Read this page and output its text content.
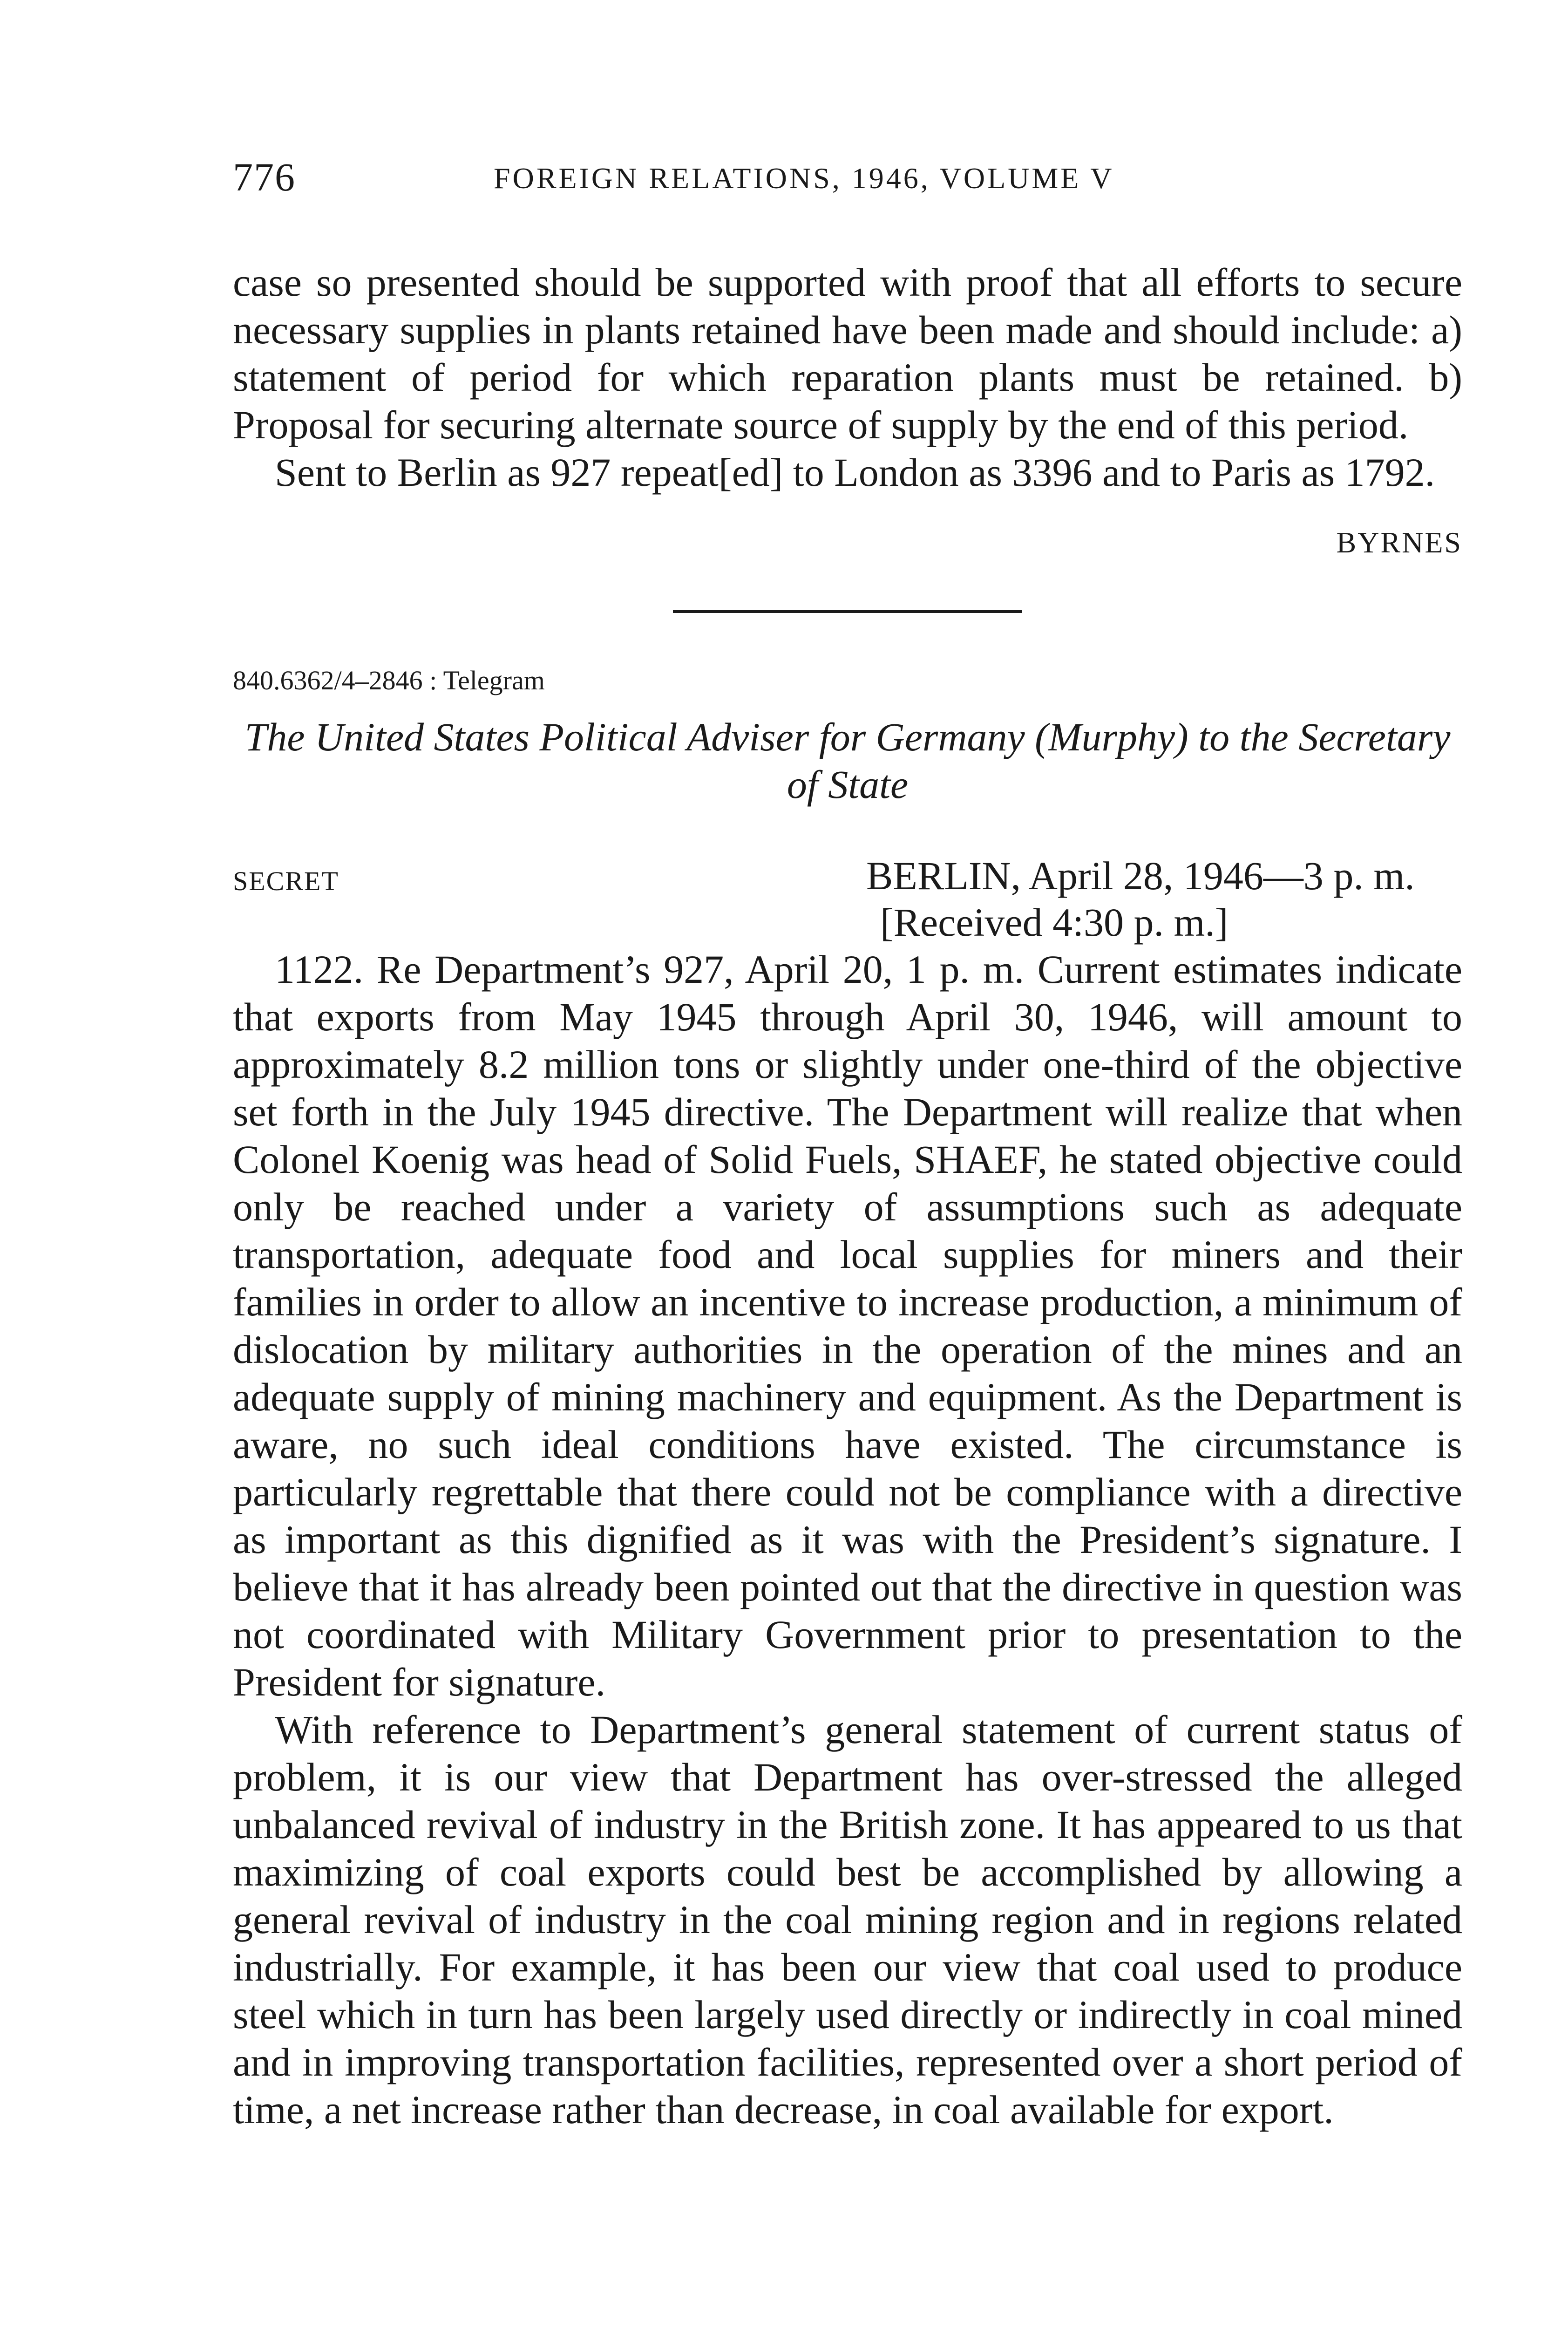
776	FOREIGN RELATIONS, 1946, VOLUME V

case so presented should be supported with proof that all efforts to secure necessary supplies in plants retained have been made and should include: a) statement of period for which reparation plants must be retained. b) Proposal for securing alternate source of supply by the end of this period.

Sent to Berlin as 927 repeat[ed] to London as 3396 and to Paris as 1792.

BYRNES

840.6362/4–2846 : Telegram

The United States Political Adviser for Germany (Murphy) to the Secretary of State

SECRET	BERLIN, April 28, 1946—3 p. m.
[Received 4:30 p. m.]

1122. Re Department’s 927, April 20, 1 p. m. Current estimates indicate that exports from May 1945 through April 30, 1946, will amount to approximately 8.2 million tons or slightly under one-third of the objective set forth in the July 1945 directive. The Department will realize that when Colonel Koenig was head of Solid Fuels, SHAEF, he stated objective could only be reached under a variety of assumptions such as adequate transportation, adequate food and local supplies for miners and their families in order to allow an incentive to increase production, a minimum of dislocation by military authorities in the operation of the mines and an adequate supply of mining machinery and equipment. As the Department is aware, no such ideal conditions have existed. The circumstance is particularly regrettable that there could not be compliance with a directive as important as this dignified as it was with the President’s signature. I believe that it has already been pointed out that the directive in question was not coordinated with Military Government prior to presentation to the President for signature.

With reference to Department’s general statement of current status of problem, it is our view that Department has over-stressed the alleged unbalanced revival of industry in the British zone. It has appeared to us that maximizing of coal exports could best be accomplished by allowing a general revival of industry in the coal mining region and in regions related industrially. For example, it has been our view that coal used to produce steel which in turn has been largely used directly or indirectly in coal mined and in improving transportation facilities, represented over a short period of time, a net increase rather than decrease, in coal available for export.
